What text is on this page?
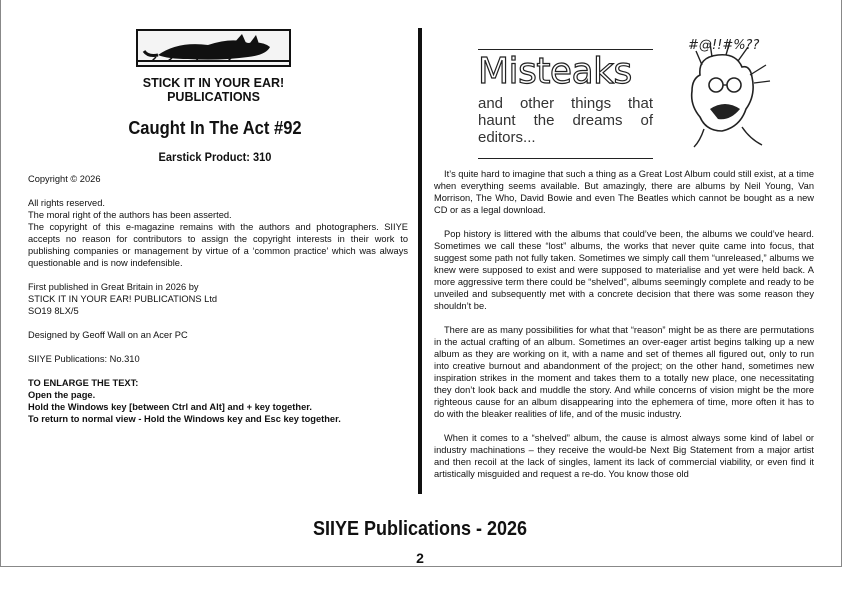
STICK IT IN YOUR EAR!
PUBLICATIONS
Caught In The Act #92
Earstick Product: 310

Copyright © 2026

All rights reserved.

The moral right of the authors has been asserted.

The copyright of this e-magazine remains with the authors and photographers. SIIYE accepts no reason for contributors to assign the copyright interests in their work to publishing companies or management by virtue of a ‘common practice’ which was always questionable and is now indefensible.

First published in Great Britain in 2026 by

STICK IT IN YOUR EAR! PUBLICATIONS Ltd

SO19 8LX/5

Designed by Geoff Wall on an Acer PC

SIIYE Publications: No.310

TO ENLARGE THE TEXT:

Open the page.

Hold the Windows key [between Ctrl and Alt] and + key together.

To return to normal view - Hold the Windows key and Esc key together.

Misteaks
and other things that haunt the dreams of editors...
#@!!#%??

It’s quite hard to imagine that such a thing as a Great Lost Album could still exist, at a time when everything seems available. But amazingly, there are albums by Neil Young, Van Morrison, The Who, David Bowie and even The Beatles which cannot be bought as a new CD or as a legal download.

Pop history is littered with the albums that could’ve been, the albums we could’ve heard. Sometimes we call these “lost” albums, the works that never quite came into focus, that suggest some path not fully taken. Sometimes we simply call them “unreleased,” albums we knew were supposed to exist and were supposed to materialise and yet were held back. A more aggressive term there could be “shelved”, albums seemingly complete and ready to be unveiled and subsequently met with a concrete decision that there was some reason they shouldn’t be.

There are as many possibilities for what that “reason” might be as there are permutations in the actual crafting of an album. Sometimes an over-eager artist begins talking up a new album as they are working on it, with a name and set of themes all figured out, only to run into creative burnout and abandonment of the project; on the other hand, sometimes new inspiration strikes in the moment and takes them to a totally new place, one necessitating they don’t look back and muddle the story. And while concerns of vision might be the more righteous cause for an album disappearing into the ephemera of time, more often it has to do with the bleaker realities of life, and of the music industry.

When it comes to a “shelved” album, the cause is almost always some kind of label or industry machinations – they receive the would-be Next Big Statement from a major artist and then recoil at the lack of singles, lament its lack of commercial viability, or even find it artistically misguided and request a re-do. You know those old

SIIYE Publications - 2026
2
